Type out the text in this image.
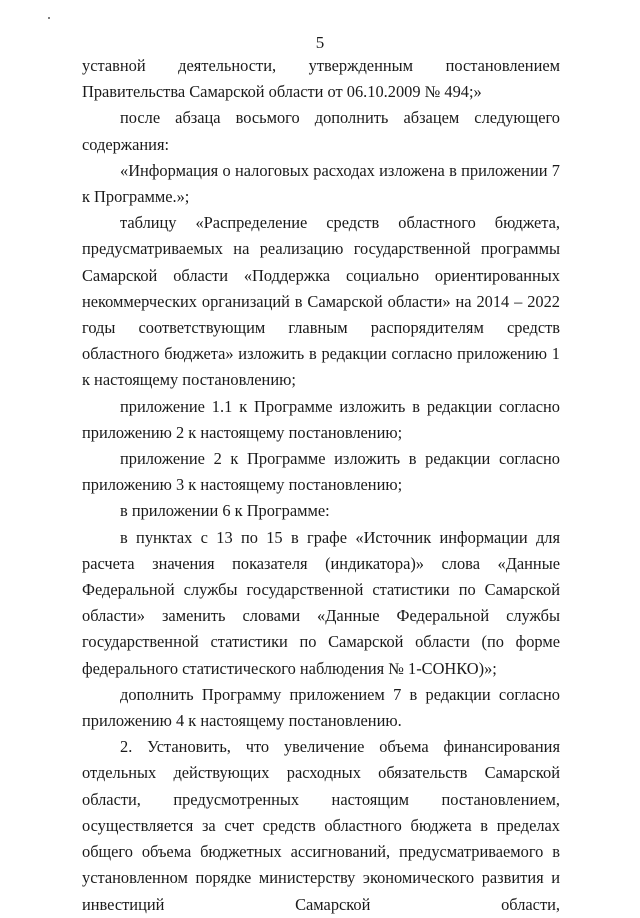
5

уставной деятельности, утвержденным постановлением Правительства Самарской области от 06.10.2009 № 494;»

после абзаца восьмого дополнить абзацем следующего содержания:

«Информация о налоговых расходах изложена в приложении 7 к Программе.»;

таблицу «Распределение средств областного бюджета, предусматриваемых на реализацию государственной программы Самарской области «Поддержка социально ориентированных некоммерческих организаций в Самарской области» на 2014 – 2022 годы соответствующим главным распорядителям средств областного бюджета» изложить в редакции согласно приложению 1 к настоящему постановлению;

приложение 1.1 к Программе изложить в редакции согласно приложению 2 к настоящему постановлению;

приложение 2 к Программе изложить в редакции согласно приложению 3 к настоящему постановлению;

в приложении 6 к Программе:

в пунктах с 13 по 15 в графе «Источник информации для расчета значения показателя (индикатора)» слова «Данные Федеральной службы государственной статистики по Самарской области» заменить словами «Данные Федеральной службы государственной статистики по Самарской области (по форме федерального статистического наблюдения № 1-СОНКО)»;

дополнить Программу приложением 7 в редакции согласно приложению 4 к настоящему постановлению.

2. Установить, что увеличение объема финансирования отдельных действующих расходных обязательств Самарской области, предусмотренных настоящим постановлением, осуществляется за счет средств областного бюджета в пределах общего объема бюджетных ассигнований, предусматриваемого в установленном порядке министерству экономического развития и инвестиций Самарской области,
